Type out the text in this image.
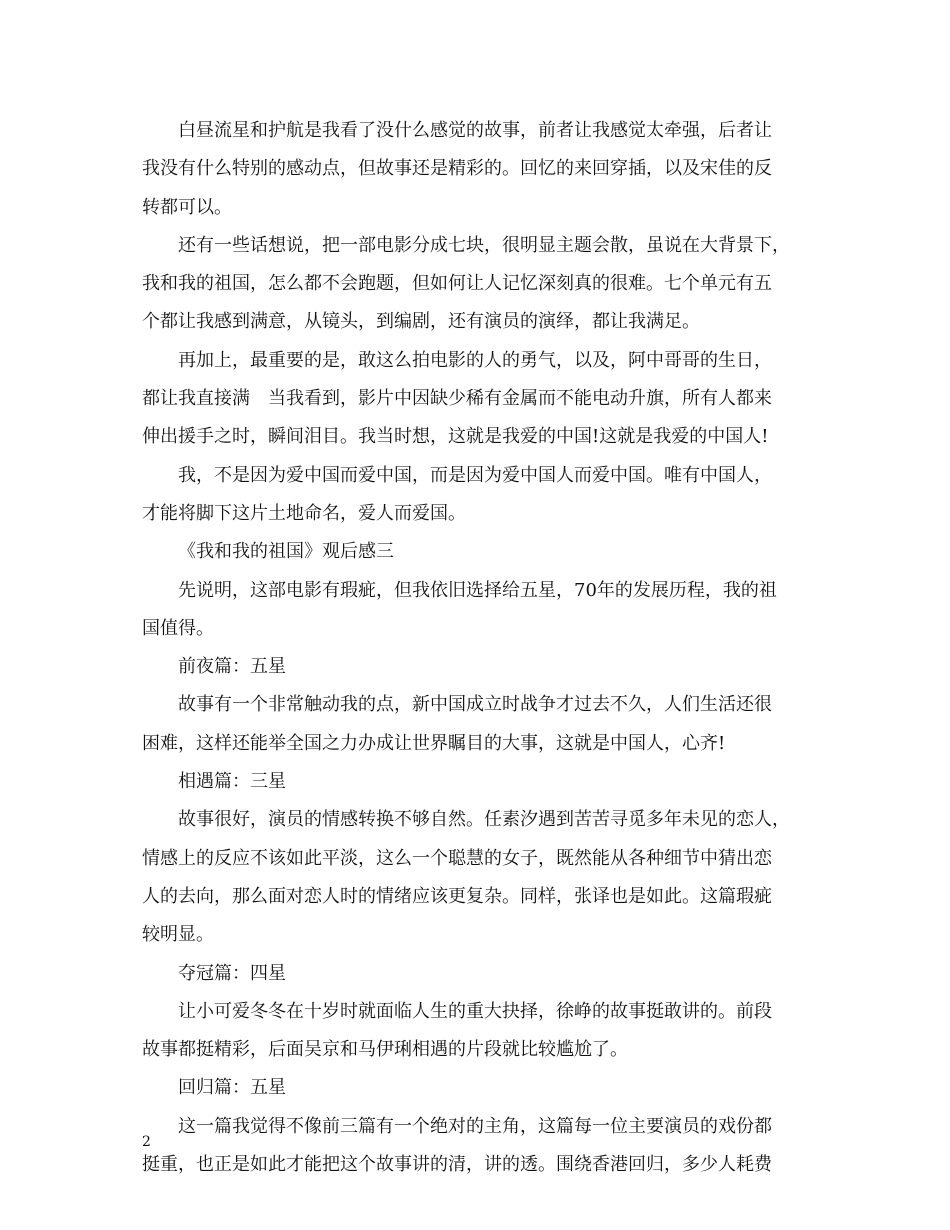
白昼流星和护航是我看了没什么感觉的故事，前者让我感觉太牵强，后者让
我没有什么特别的感动点，但故事还是精彩的。回忆的来回穿插，以及宋佳的反
转都可以。
还有一些话想说，把一部电影分成七块，很明显主题会散，虽说在大背景下，
我和我的祖国，怎么都不会跑题，但如何让人记忆深刻真的很难。七个单元有五
个都让我感到满意，从镜头，到编剧，还有演员的演绎，都让我满足。
再加上，最重要的是，敢这么拍电影的人的勇气，以及，阿中哥哥的生日，
都让我直接满　当我看到，影片中因缺少稀有金属而不能电动升旗，所有人都来
伸出援手之时，瞬间泪目。我当时想，这就是我爱的中国!这就是我爱的中国人!
我，不是因为爱中国而爱中国，而是因为爱中国人而爱中国。唯有中国人，
才能将脚下这片土地命名，爱人而爱国。
《我和我的祖国》观后感三
先说明，这部电影有瑕疵，但我依旧选择给五星，70年的发展历程，我的祖
国值得。
前夜篇：五星
故事有一个非常触动我的点，新中国成立时战争才过去不久，人们生活还很
困难，这样还能举全国之力办成让世界瞩目的大事，这就是中国人，心齐!
相遇篇：三星
故事很好，演员的情感转换不够自然。任素汐遇到苦苦寻觅多年未见的恋人，
情感上的反应不该如此平淡，这么一个聪慧的女子，既然能从各种细节中猜出恋
人的去向，那么面对恋人时的情绪应该更复杂。同样，张译也是如此。这篇瑕疵
较明显。
夺冠篇：四星
让小可爱冬冬在十岁时就面临人生的重大抉择，徐峥的故事挺敢讲的。前段
故事都挺精彩，后面吴京和马伊琍相遇的片段就比较尴尬了。
回归篇：五星
这一篇我觉得不像前三篇有一个绝对的主角，这篇每一位主要演员的戏份都
挺重，也正是如此才能把这个故事讲的清，讲的透。围绕香港回归，多少人耗费
2
